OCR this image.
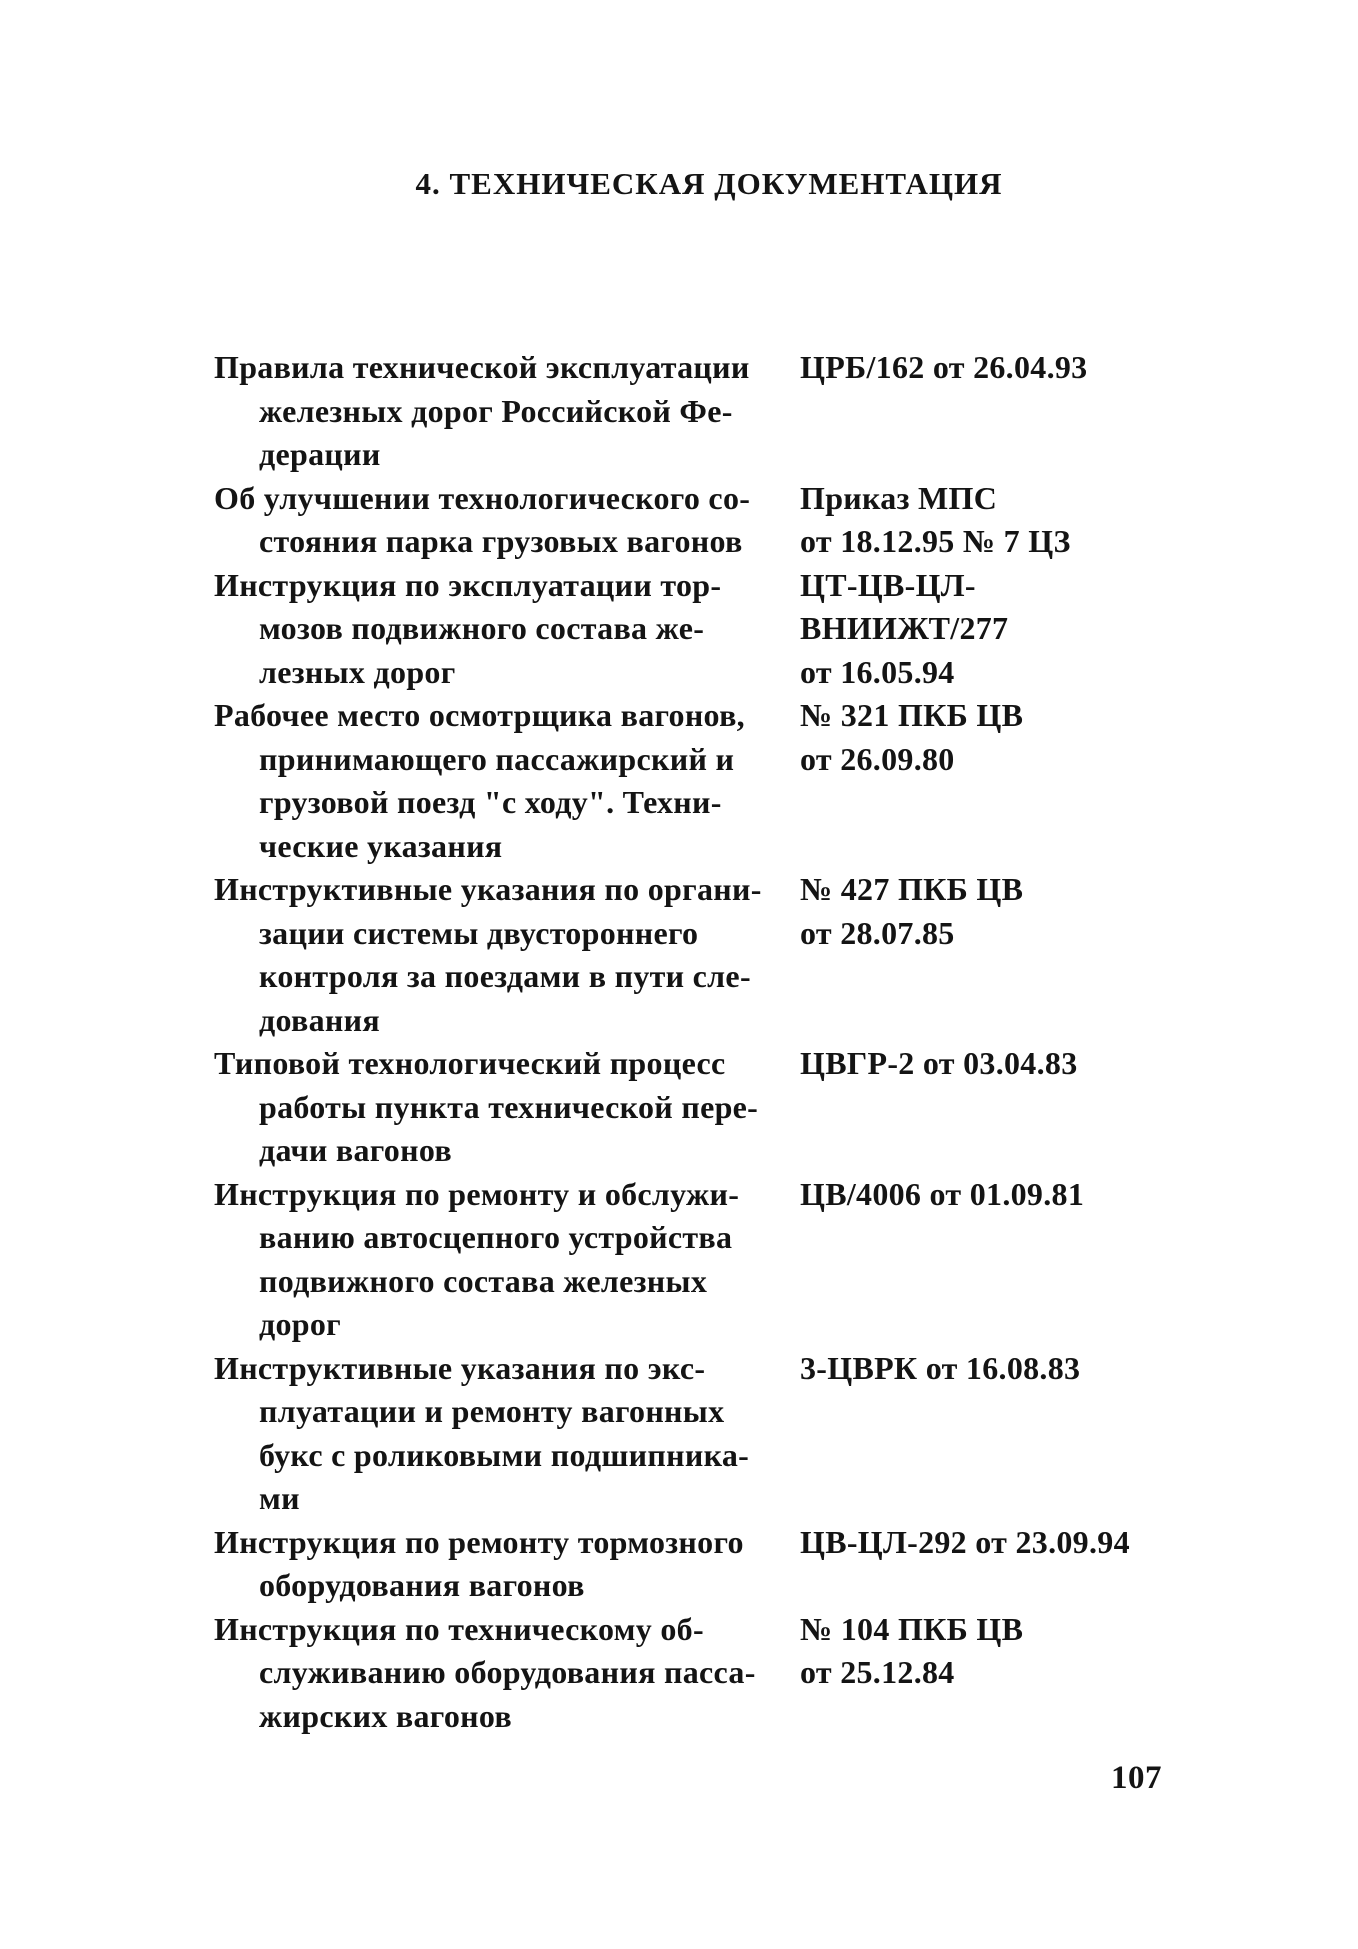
4. ТЕХНИЧЕСКАЯ ДОКУМЕНТАЦИЯ
Правила технической эксплуатации
железных дорог Российской Фе-
дерации
ЦРБ/162 от 26.04.93
Об улучшении технологического со-
стояния парка грузовых вагонов
Приказ МПС
от 18.12.95 № 7 ЦЗ
Инструкция по эксплуатации тор-
мозов подвижного состава же-
лезных дорог
ЦТ-ЦВ-ЦЛ-
ВНИИЖТ/277
от 16.05.94
Рабочее место осмотрщика вагонов,
принимающего пассажирский и
грузовой поезд "с ходу". Техни-
ческие указания
№ 321 ПКБ ЦВ
от 26.09.80
Инструктивные указания по органи-
зации системы двустороннего
контроля за поездами в пути сле-
дования
№ 427 ПКБ ЦВ
от 28.07.85
Типовой технологический процесс
работы пункта технической пере-
дачи вагонов
ЦВГР-2 от 03.04.83
Инструкция по ремонту и обслужи-
ванию автосцепного устройства
подвижного состава железных
дорог
ЦВ/4006 от 01.09.81
Инструктивные указания по экс-
плуатации и ремонту вагонных
букс с роликовыми подшипника-
ми
3-ЦВРК от 16.08.83
Инструкция по ремонту тормозного
оборудования вагонов
ЦВ-ЦЛ-292 от 23.09.94
Инструкция по техническому об-
служиванию оборудования пасса-
жирских вагонов
№ 104 ПКБ ЦВ
от 25.12.84
107
